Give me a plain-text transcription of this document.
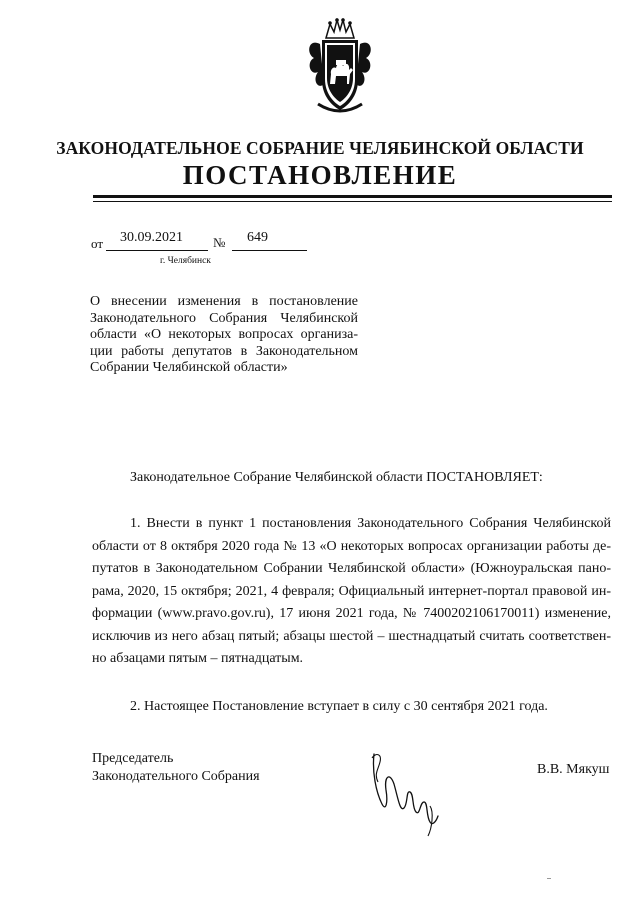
ЗАКОНОДАТЕЛЬНОЕ СОБРАНИЕ ЧЕЛЯБИНСКОЙ ОБЛАСТИ
ПОСТАНОВЛЕНИЕ
от 30.09.2021 № 649
г. Челябинск
О внесении изменения в постановление Законодательного Собрания Челябинской области «О некоторых вопросах организа-ции работы депутатов в Законодательном Собрании Челябинской области»
Законодательное Собрание Челябинской области ПОСТАНОВЛЯЕТ:
1. Внести в пункт 1 постановления Законодательного Собрания Челябинской области от 8 октября 2020 года № 13 «О некоторых вопросах организации работы де-путатов в Законодательном Собрании Челябинской области» (Южноуральская пано-рама, 2020, 15 октября; 2021, 4 февраля; Официальный интернет-портал правовой ин-формации (www.pravo.gov.ru), 17 июня 2021 года, № 7400202106170011) изменение, исключив из него абзац пятый; абзацы шестой – шестнадцатый считать соответствен-но абзацами пятым – пятнадцатым.
2. Настоящее Постановление вступает в силу с 30 сентября 2021 года.
Председатель
Законодательного Собрания	В.В. Мякуш
